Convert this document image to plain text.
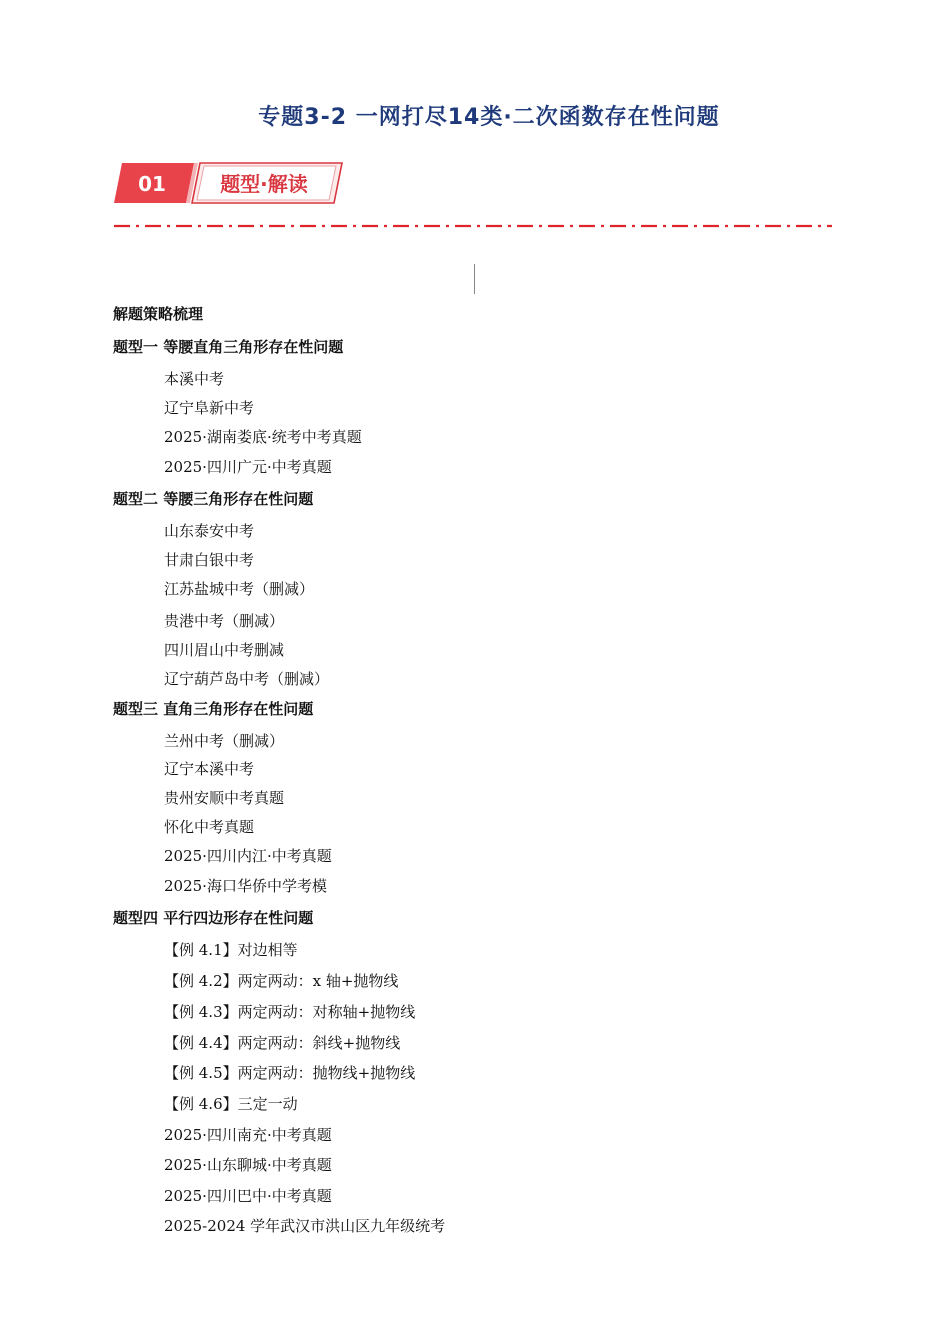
专题3-2 一网打尽14类·二次函数存在性问题
01	题型·解读
解题策略梳理
题型一 等腰直角三角形存在性问题
本溪中考
辽宁阜新中考
2025·湖南娄底·统考中考真题
2025·四川广元·中考真题
题型二 等腰三角形存在性问题
山东泰安中考
甘肃白银中考
江苏盐城中考（删减）
贵港中考（删减）
四川眉山中考删减
辽宁葫芦岛中考（删减）
题型三 直角三角形存在性问题
兰州中考（删减）
辽宁本溪中考
贵州安顺中考真题
怀化中考真题
2025·四川内江·中考真题
2025·海口华侨中学考模
题型四 平行四边形存在性问题
【例 4.1】对边相等
【例 4.2】两定两动：x 轴+抛物线
【例 4.3】两定两动：对称轴+抛物线
【例 4.4】两定两动：斜线+抛物线
【例 4.5】两定两动：抛物线+抛物线
【例 4.6】三定一动
2025·四川南充·中考真题
2025·山东聊城·中考真题
2025·四川巴中·中考真题
2025-2024 学年武汉市洪山区九年级统考
